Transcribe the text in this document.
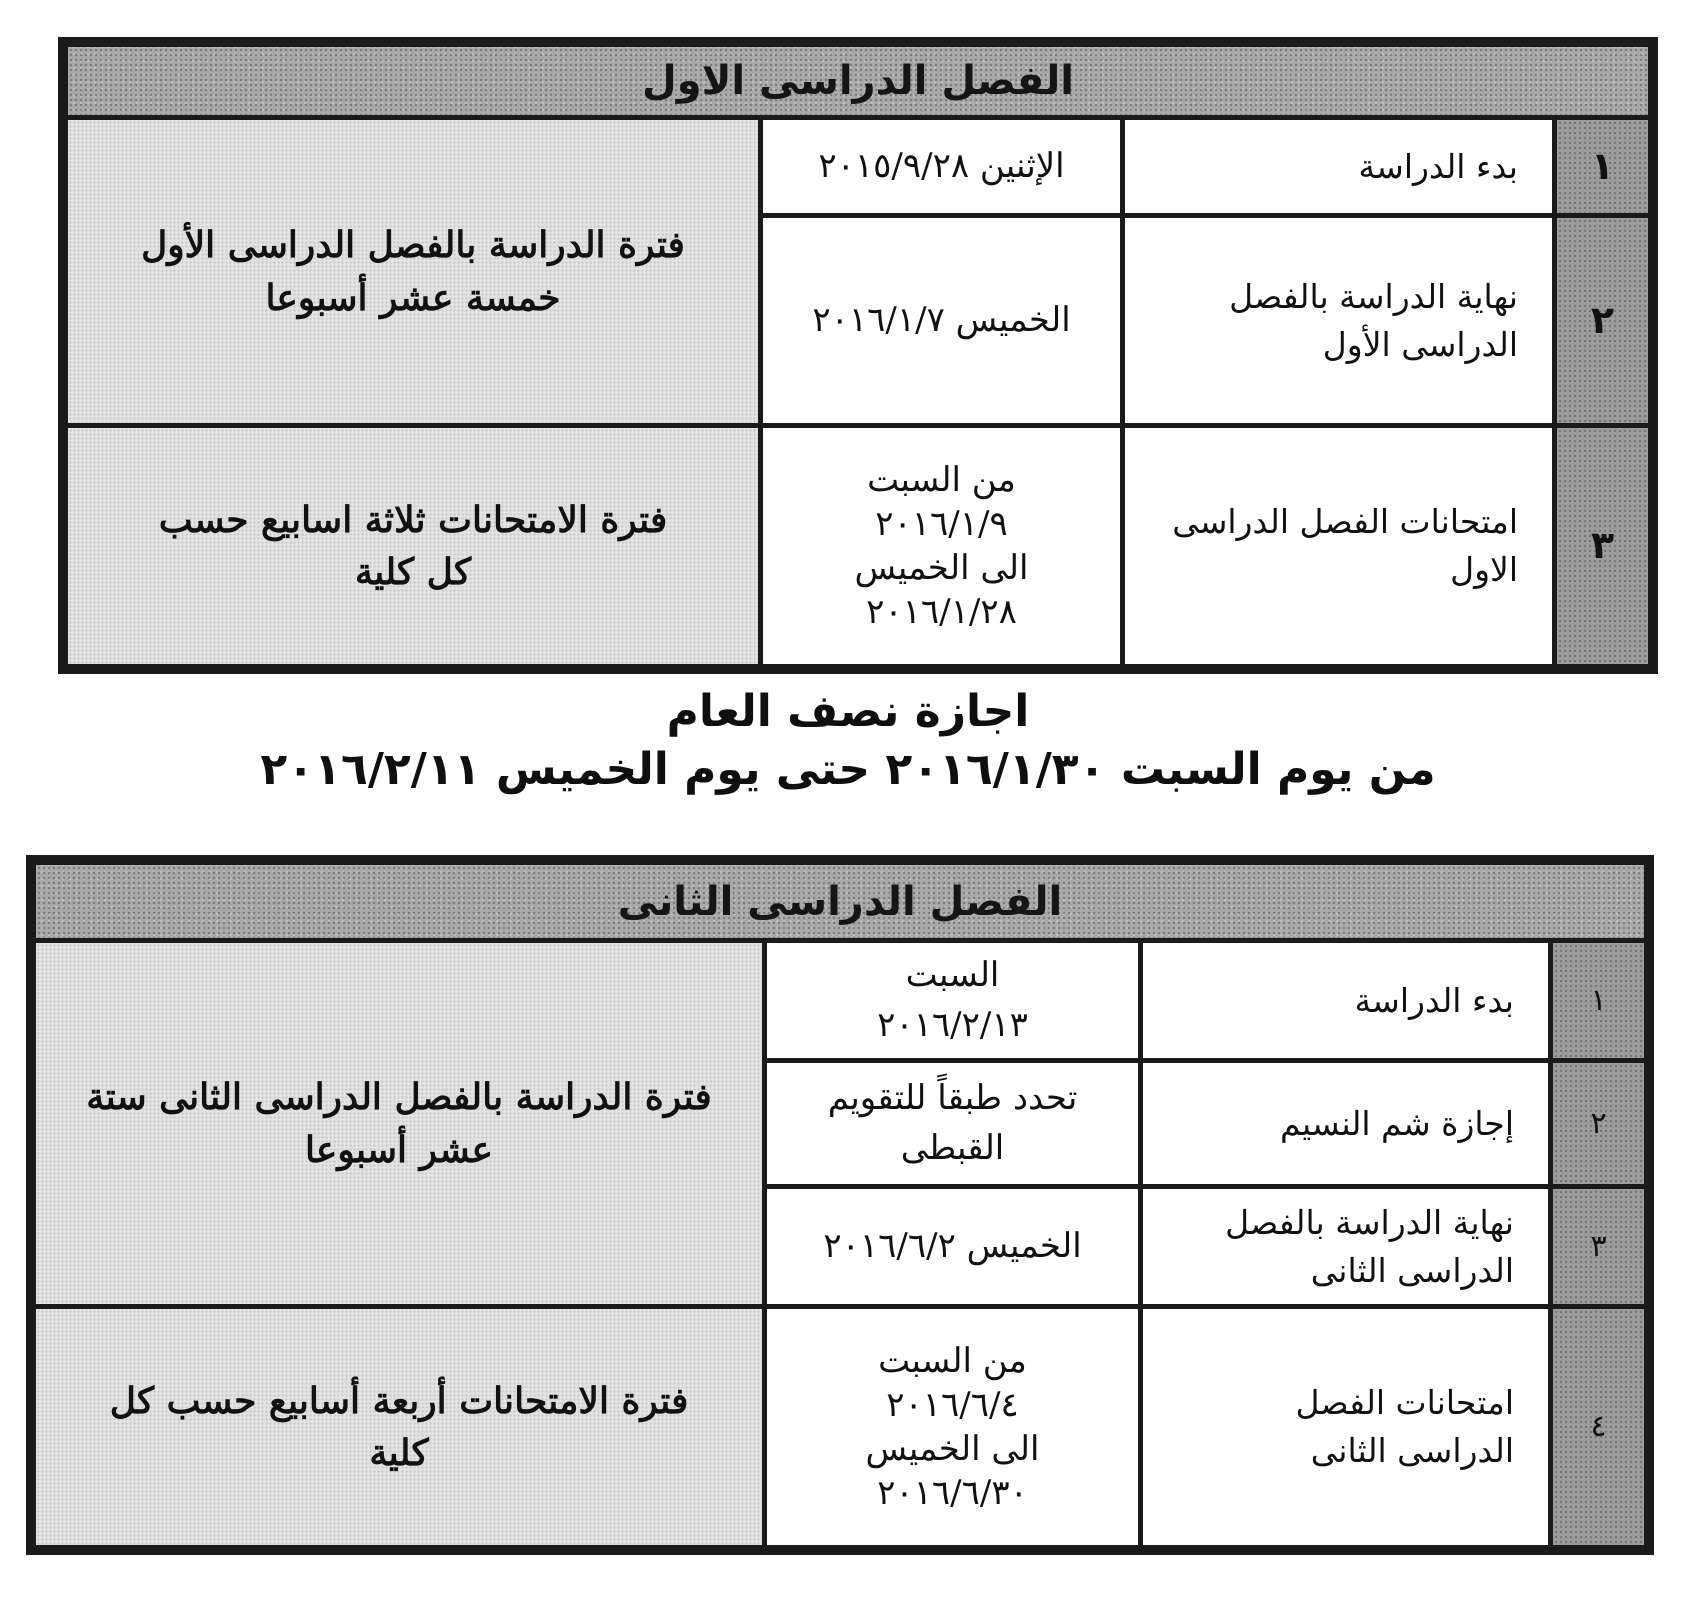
الفصل الدراسى الاول			
١	بدء الدراسة	الإثنين ٢٠١٥/٩/٢٨	فترة الدراسة بالفصل الدراسى الأول
خمسة عشر أسبوعا

٢	نهاية الدراسة بالفصل
الدراسى الأول	الخميس ٢٠١٦/١/٧	

٣	امتحانات الفصل الدراسى
الاول	من السبت
٢٠١٦/١/٩
الى الخميس
٢٠١٦/١/٢٨	فترة الامتحانات ثلاثة اسابيع حسب
كل كلية
اجازة نصف العام
من يوم السبت ٢٠١٦/١/٣٠ حتى يوم الخميس ٢٠١٦/٢/١١
الفصل الدراسى الثانى			
١	بدء الدراسة	السبت
٢٠١٦/٢/١٣	فترة الدراسة بالفصل الدراسى الثانى ستة
عشر أسبوعا

٢	إجازة شم النسيم	تحدد طبقاً للتقويم
القبطى	

٣	نهاية الدراسة بالفصل
الدراسى الثانى	الخميس ٢٠١٦/٦/٢	

٤	امتحانات الفصل
الدراسى الثانى	من السبت
٢٠١٦/٦/٤
الى الخميس
٢٠١٦/٦/٣٠	فترة الامتحانات أربعة أسابيع حسب كل
كلية
